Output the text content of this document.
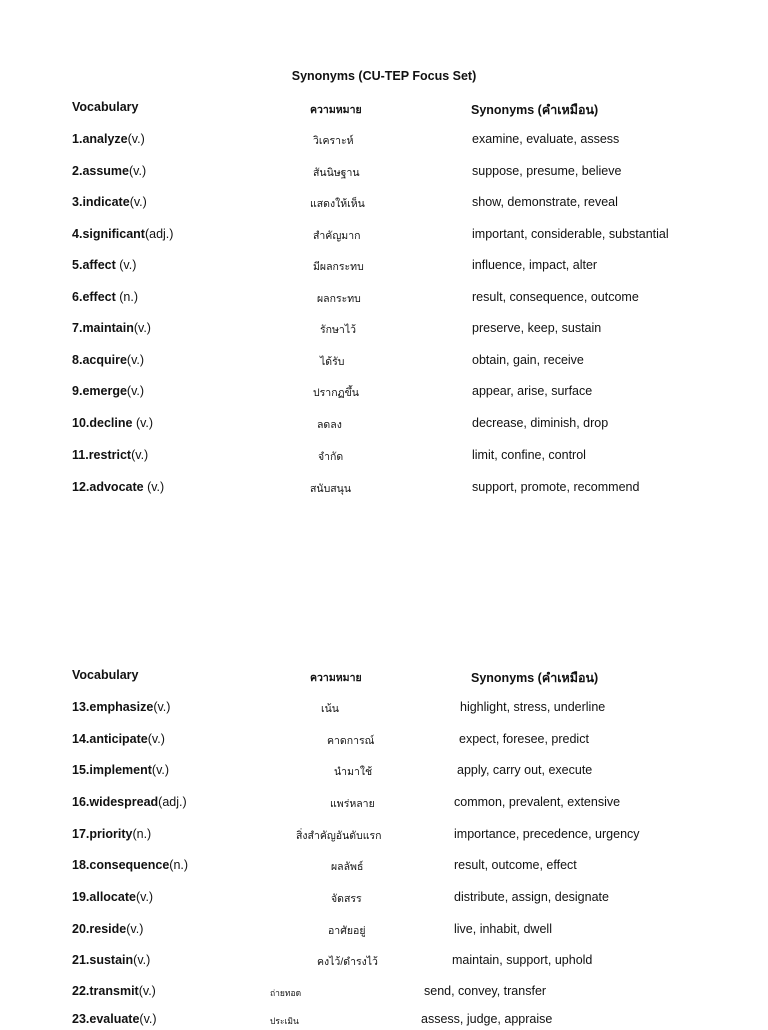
Synonyms (CU-TEP Focus Set)
Vocabulary	ความหมาย	Synonyms (คำเหมือน)
1.analyze(v.)	วิเคราะห์	examine, evaluate, assess
2.assume(v.)	สันนิษฐาน	suppose, presume, believe
3.indicate(v.)	แสดงให้เห็น	show, demonstrate, reveal
4.significant(adj.)	สำคัญมาก	important, considerable, substantial
5.affect (v.)	มีผลกระทบ	influence, impact, alter
6.effect (n.)	ผลกระทบ	result, consequence, outcome
7.maintain(v.)	รักษาไว้	preserve, keep, sustain
8.acquire(v.)	ได้รับ	obtain, gain, receive
9.emerge(v.)	ปรากฏขึ้น	appear, arise, surface
10.decline (v.)	ลดลง	decrease, diminish, drop
11.restrict(v.)	จำกัด	limit, confine, control
12.advocate (v.)	สนับสนุน	support, promote, recommend
Vocabulary	ความหมาย	Synonyms (คำเหมือน)
13.emphasize(v.)	เน้น	highlight, stress, underline
14.anticipate(v.)	คาดการณ์	expect, foresee, predict
15.implement(v.)	นำมาใช้	apply, carry out, execute
16.widespread(adj.)	แพร่หลาย	common, prevalent, extensive
17.priority(n.)	สิ่งสำคัญอันดับแรก	importance, precedence, urgency
18.consequence(n.)	ผลลัพธ์	result, outcome, effect
19.allocate(v.)	จัดสรร	distribute, assign, designate
20.reside(v.)	อาศัยอยู่	live, inhabit, dwell
21.sustain(v.)	คงไว้/ดำรงไว้	maintain, support, uphold
22.transmit(v.)	ถ่ายทอด	send, convey, transfer
23.evaluate(v.)	ประเมิน	assess, judge, appraise
